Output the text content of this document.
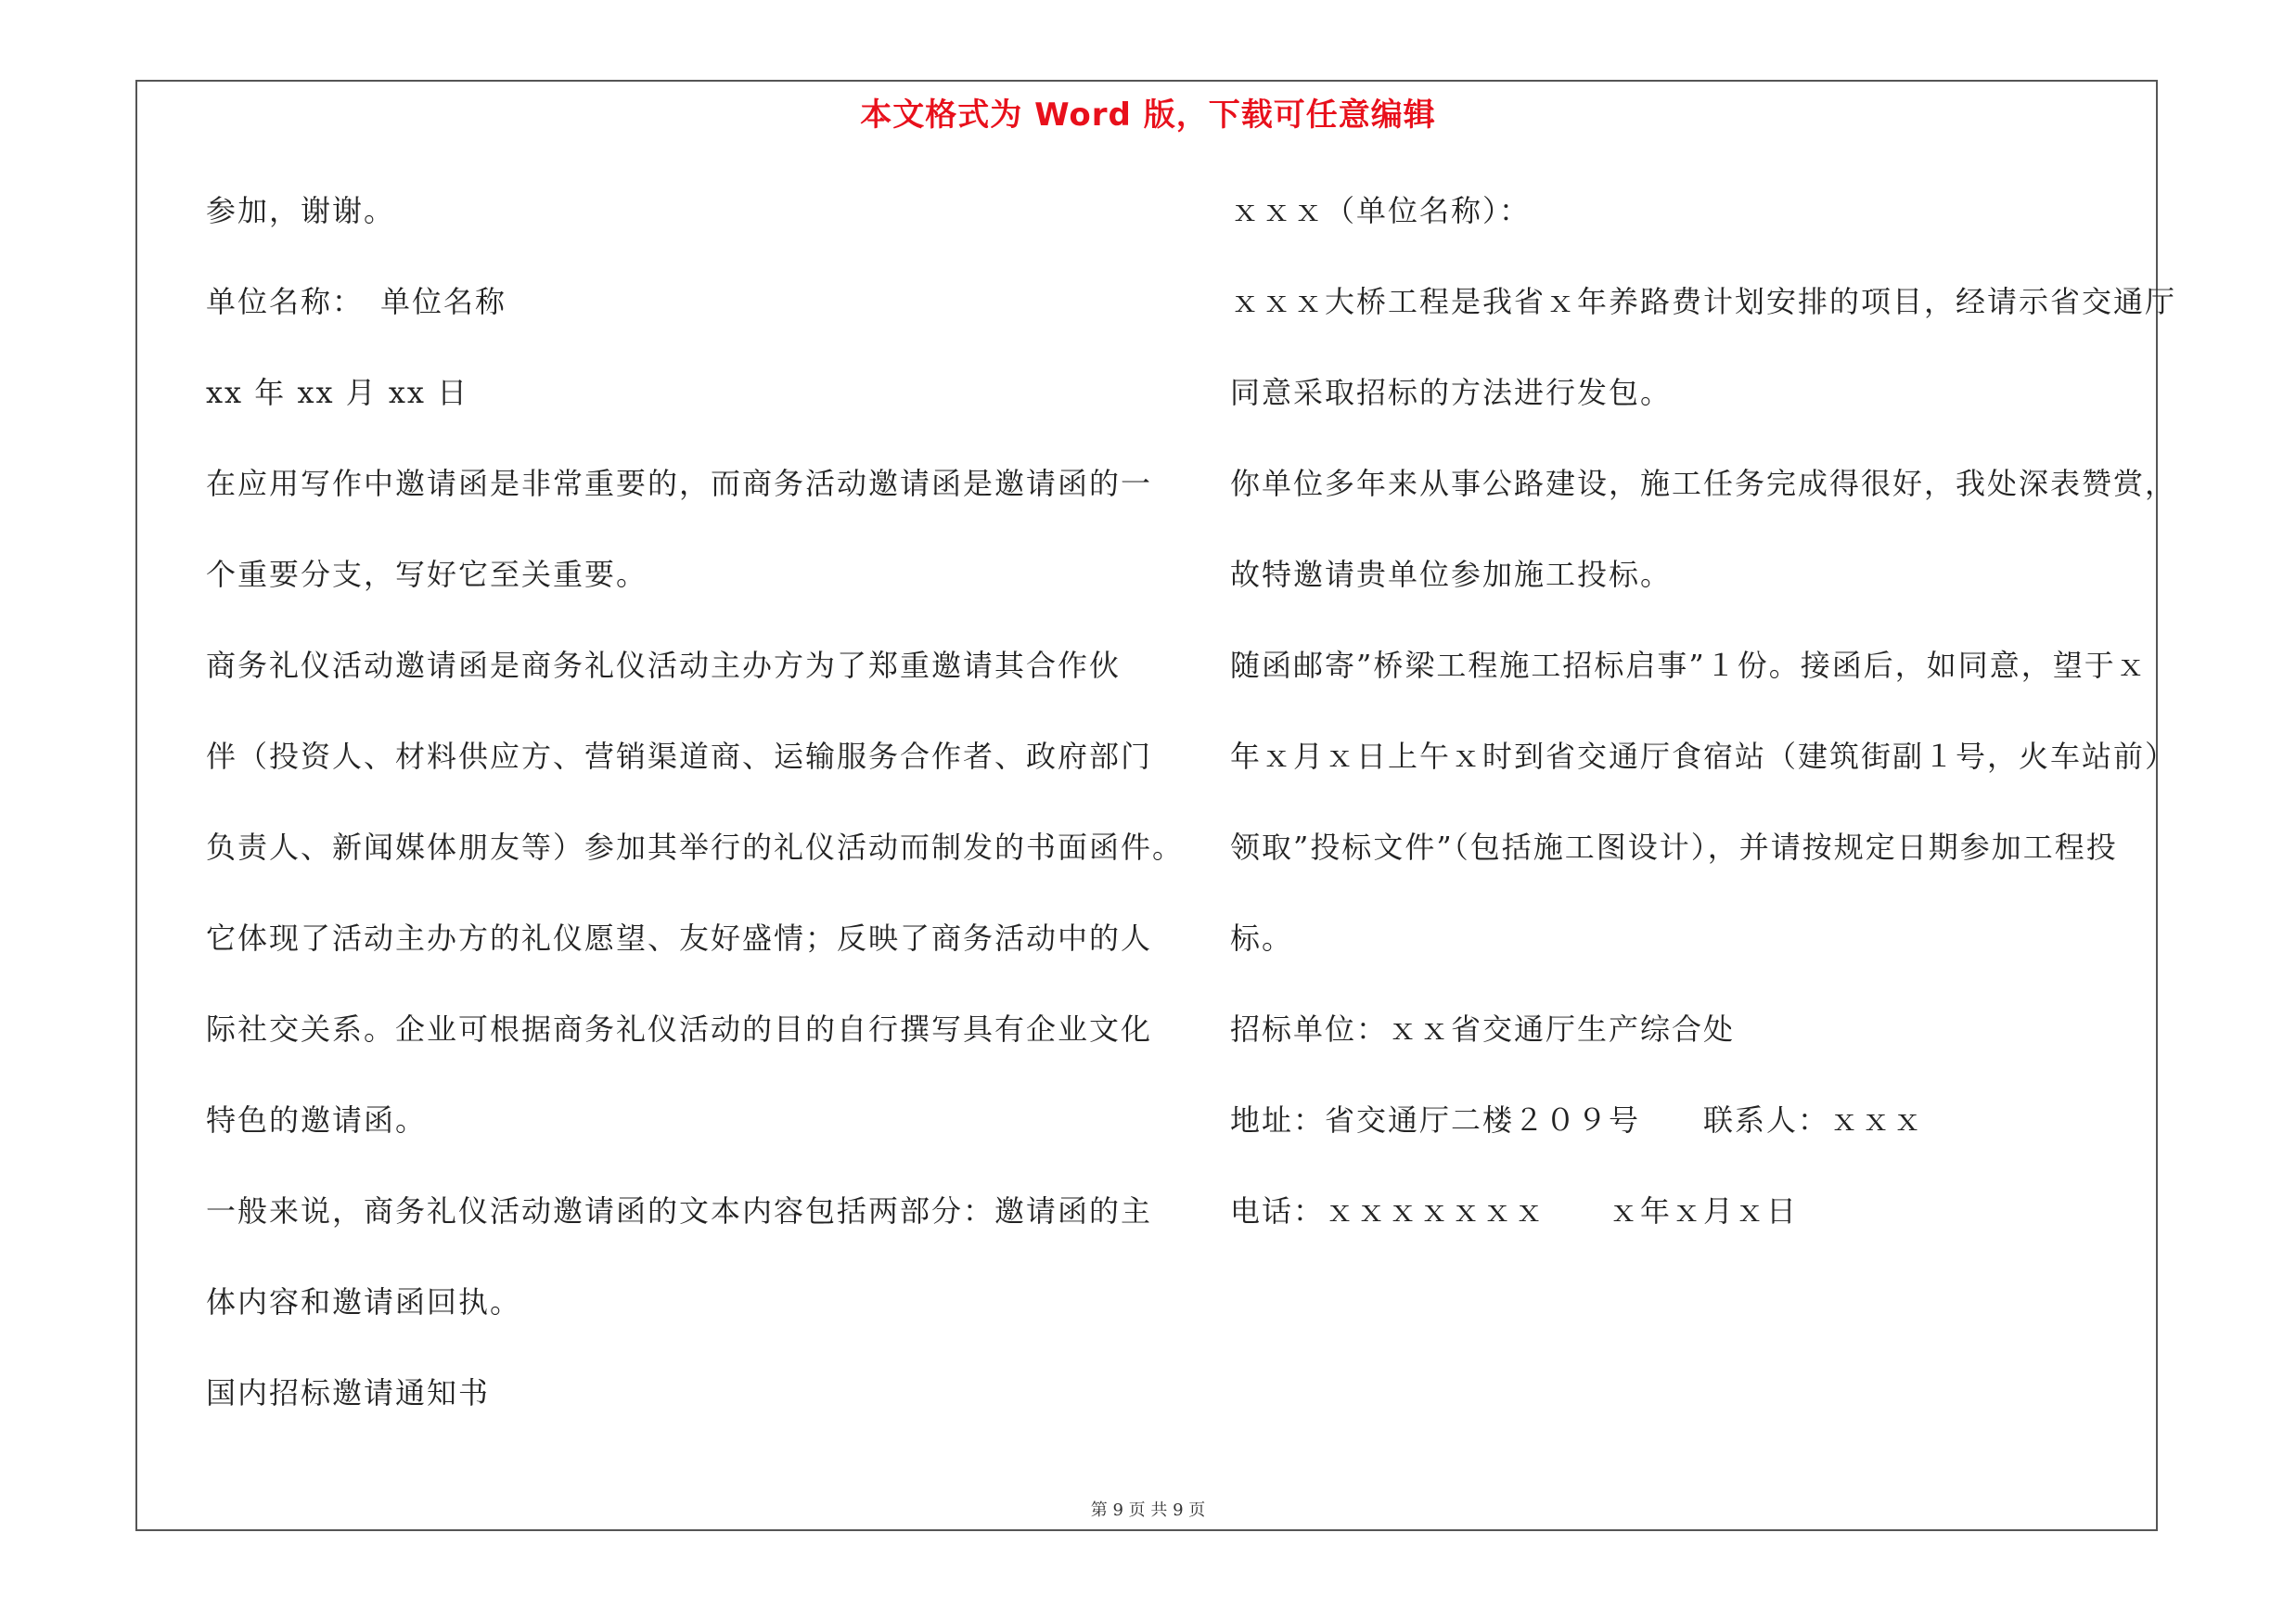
本文格式为 Word 版，下载可任意编辑
参加，谢谢。
单位名称：　单位名称
xx 年 xx 月 xx 日
在应用写作中邀请函是非常重要的，而商务活动邀请函是邀请函的一
个重要分支，写好它至关重要。
商务礼仪活动邀请函是商务礼仪活动主办方为了郑重邀请其合作伙
伴（投资人、材料供应方、营销渠道商、运输服务合作者、政府部门
负责人、新闻媒体朋友等）参加其举行的礼仪活动而制发的书面函件。
它体现了活动主办方的礼仪愿望、友好盛情；反映了商务活动中的人
际社交关系。企业可根据商务礼仪活动的目的自行撰写具有企业文化
特色的邀请函。
一般来说，商务礼仪活动邀请函的文本内容包括两部分：邀请函的主
体内容和邀请函回执。
国内招标邀请通知书
ｘｘｘ（单位名称）：
ｘｘｘ大桥工程是我省ｘ年养路费计划安排的项目，经请示省交通厅
同意采取招标的方法进行发包。
你单位多年来从事公路建设，施工任务完成得很好，我处深表赞赏，
故特邀请贵单位参加施工投标。
随函邮寄”桥梁工程施工招标启事”１份。接函后，如同意，望于ｘ
年ｘ月ｘ日上午ｘ时到省交通厅食宿站（建筑街副１号，火车站前）
领取”投标文件”（包括施工图设计），并请按规定日期参加工程投
标。
招标单位：ｘｘ省交通厅生产综合处
地址：省交通厅二楼２０９号　　联系人：ｘｘｘ
电话：ｘｘｘｘｘｘｘ　　ｘ年ｘ月ｘ日
第 9 页 共 9 页
